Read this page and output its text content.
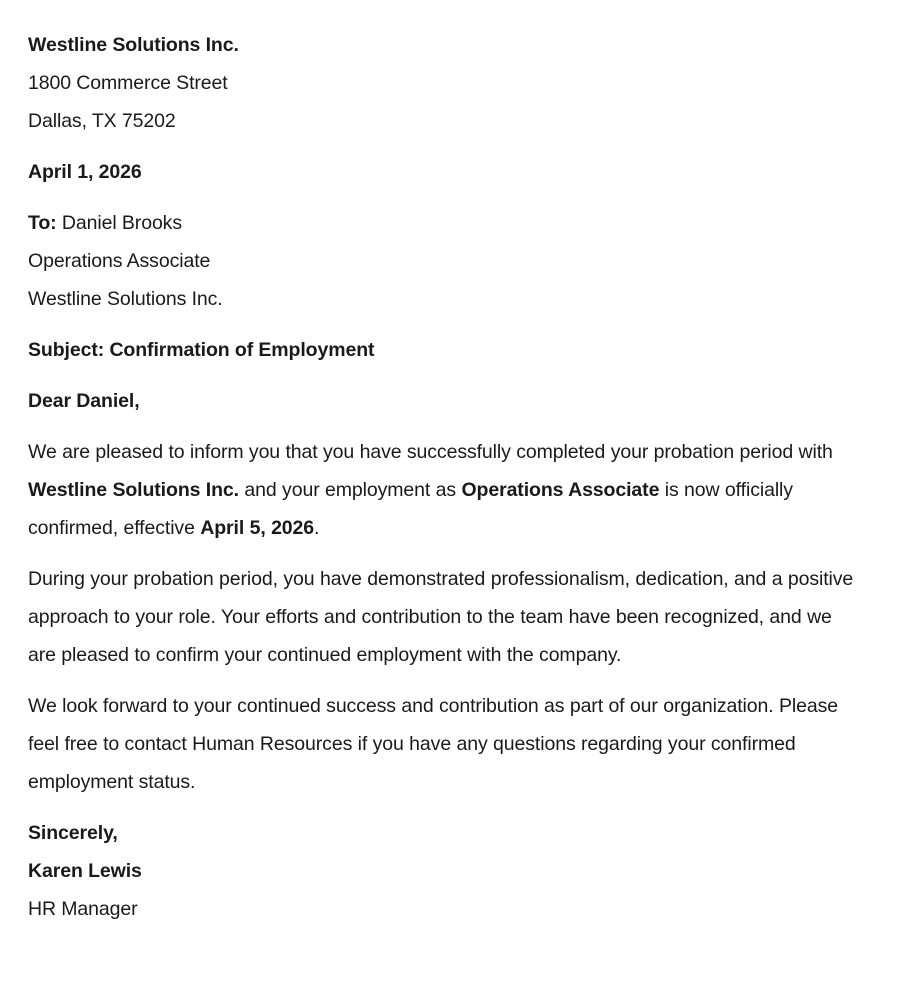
Westline Solutions Inc.
1800 Commerce Street
Dallas, TX 75202
April 1, 2026
To: Daniel Brooks
Operations Associate
Westline Solutions Inc.
Subject: Confirmation of Employment
Dear Daniel,
We are pleased to inform you that you have successfully completed your probation period with Westline Solutions Inc. and your employment as Operations Associate is now officially confirmed, effective April 5, 2026.
During your probation period, you have demonstrated professionalism, dedication, and a positive approach to your role. Your efforts and contribution to the team have been recognized, and we are pleased to confirm your continued employment with the company.
We look forward to your continued success and contribution as part of our organization. Please feel free to contact Human Resources if you have any questions regarding your confirmed employment status.
Sincerely,
Karen Lewis
HR Manager
